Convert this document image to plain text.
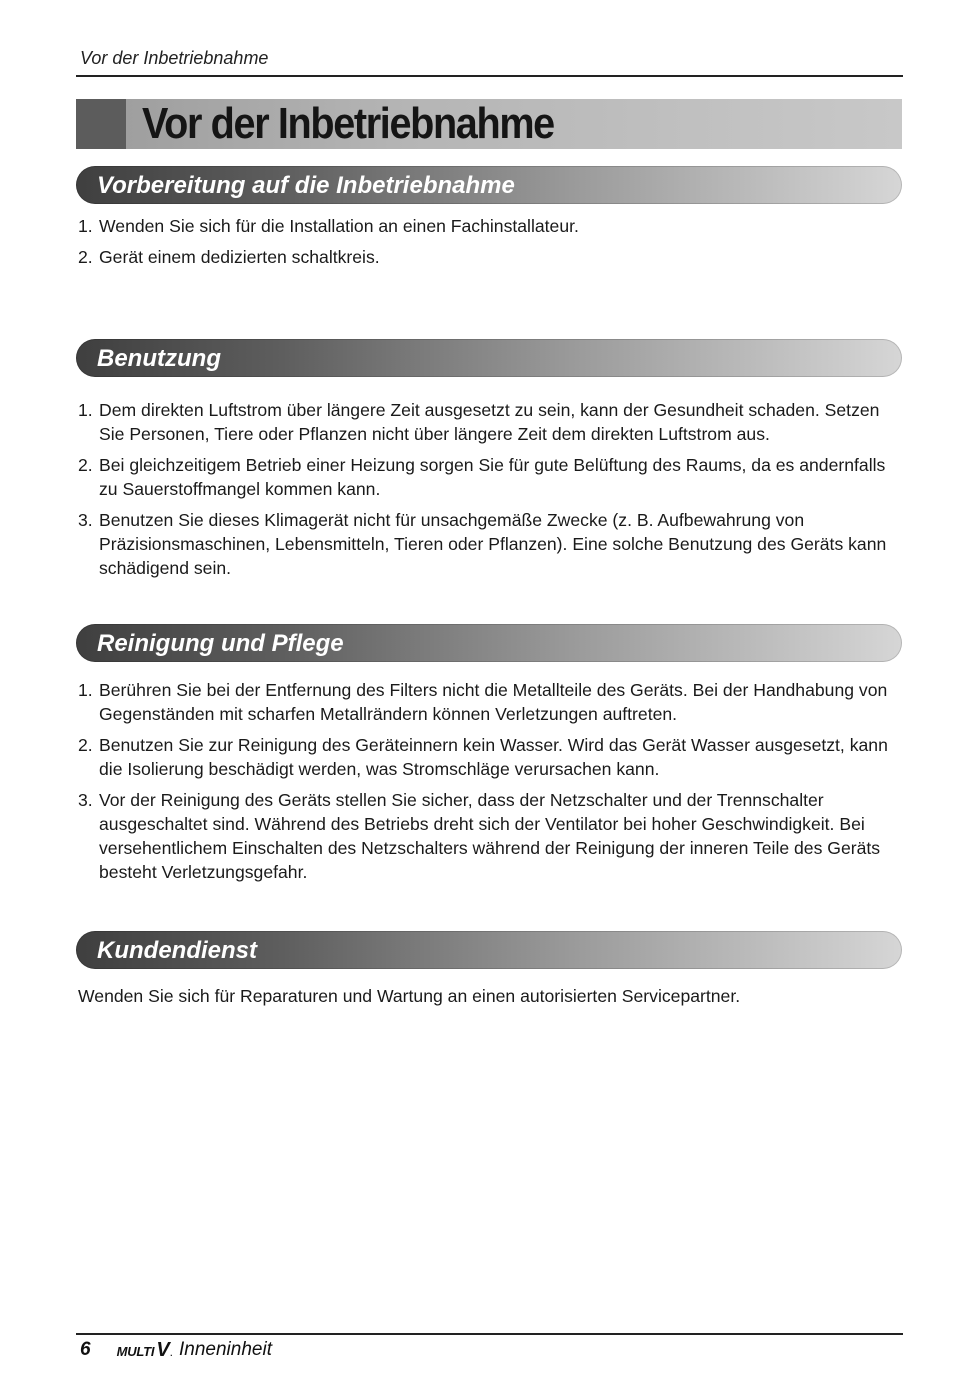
Vor der Inbetriebnahme
Vor der Inbetriebnahme
Vorbereitung auf die Inbetriebnahme
1. Wenden Sie sich für die Installation an einen Fachinstallateur.
2. Gerät einem dedizierten schaltkreis.
Benutzung
1. Dem direkten Luftstrom über längere Zeit ausgesetzt zu sein, kann der Gesundheit schaden. Setzen Sie Personen, Tiere oder Pflanzen nicht über längere Zeit dem direkten Luftstrom aus.
2. Bei gleichzeitigem Betrieb einer Heizung sorgen Sie für gute Belüftung des Raums, da es andernfalls zu Sauerstoffmangel kommen kann.
3. Benutzen Sie dieses Klimagerät nicht für unsachgemäße Zwecke (z. B. Aufbewahrung von Präzisionsmaschinen, Lebensmitteln, Tieren oder Pflanzen). Eine solche Benutzung des Geräts kann schädigend sein.
Reinigung und Pflege
1. Berühren Sie bei der Entfernung des Filters nicht die Metallteile des Geräts. Bei der Handhabung von Gegenständen mit scharfen Metallrändern können Verletzungen auftreten.
2. Benutzen Sie zur Reinigung des Geräteinnern kein Wasser. Wird das Gerät Wasser ausgesetzt, kann die Isolierung beschädigt werden, was Stromschläge verursachen kann.
3. Vor der Reinigung des Geräts stellen Sie sicher, dass der Netzschalter und der Trennschalter ausgeschaltet sind. Während des Betriebs dreht sich der Ventilator bei hoher Geschwindigkeit. Bei versehentlichem Einschalten des Netzschalters während der Reinigung der inneren Teile des Geräts besteht Verletzungsgefahr.
Kundendienst
Wenden Sie sich für Reparaturen und Wartung an einen autorisierten Servicepartner.
6 MULTI V . Inneninheit
